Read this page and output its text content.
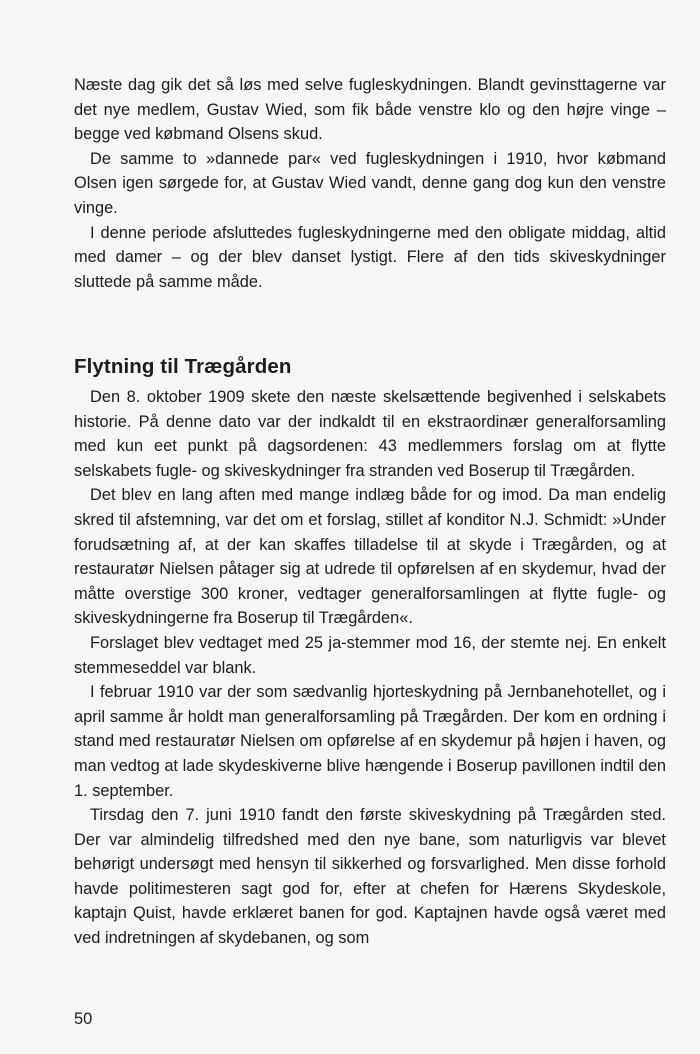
Næste dag gik det så løs med selve fugleskydningen. Blandt gevinsttagerne var det nye medlem, Gustav Wied, som fik både venstre klo og den højre vinge – begge ved købmand Olsens skud.

De samme to »dannede par« ved fugleskydningen i 1910, hvor købmand Olsen igen sørgede for, at Gustav Wied vandt, denne gang dog kun den venstre vinge.

I denne periode afsluttedes fugleskydningerne med den obligate middag, altid med damer – og der blev danset lystigt. Flere af den tids skiveskydninger sluttede på samme måde.

Flytning til Trægården

Den 8. oktober 1909 skete den næste skelsættende begivenhed i selskabets historie. På denne dato var der indkaldt til en ekstraordinær generalforsamling med kun eet punkt på dagsordenen: 43 medlemmers forslag om at flytte selskabets fugle- og skiveskydninger fra stranden ved Boserup til Trægården.

Det blev en lang aften med mange indlæg både for og imod. Da man endelig skred til afstemning, var det om et forslag, stillet af konditor N.J. Schmidt: »Under forudsætning af, at der kan skaffes tilladelse til at skyde i Trægården, og at restauratør Nielsen påtager sig at udrede til opførelsen af en skydemur, hvad der måtte overstige 300 kroner, vedtager generalforsamlingen at flytte fugle- og skiveskydningerne fra Boserup til Trægården«.

Forslaget blev vedtaget med 25 ja-stemmer mod 16, der stemte nej. En enkelt stemmeseddel var blank.

I februar 1910 var der som sædvanlig hjorteskydning på Jernbanehotellet, og i april samme år holdt man generalforsamling på Trægården. Der kom en ordning i stand med restauratør Nielsen om opførelse af en skydemur på højen i haven, og man vedtog at lade skydeskiverne blive hængende i Boserup pavillonen indtil den 1. september.

Tirsdag den 7. juni 1910 fandt den første skiveskydning på Trægården sted. Der var almindelig tilfredshed med den nye bane, som naturligvis var blevet behørigt undersøgt med hensyn til sikkerhed og forsvarlighed. Men disse forhold havde politimesteren sagt god for, efter at chefen for Hærens Skydeskole, kaptajn Quist, havde erklæret banen for god. Kaptajnen havde også været med ved indretningen af skydebanen, og som

50
